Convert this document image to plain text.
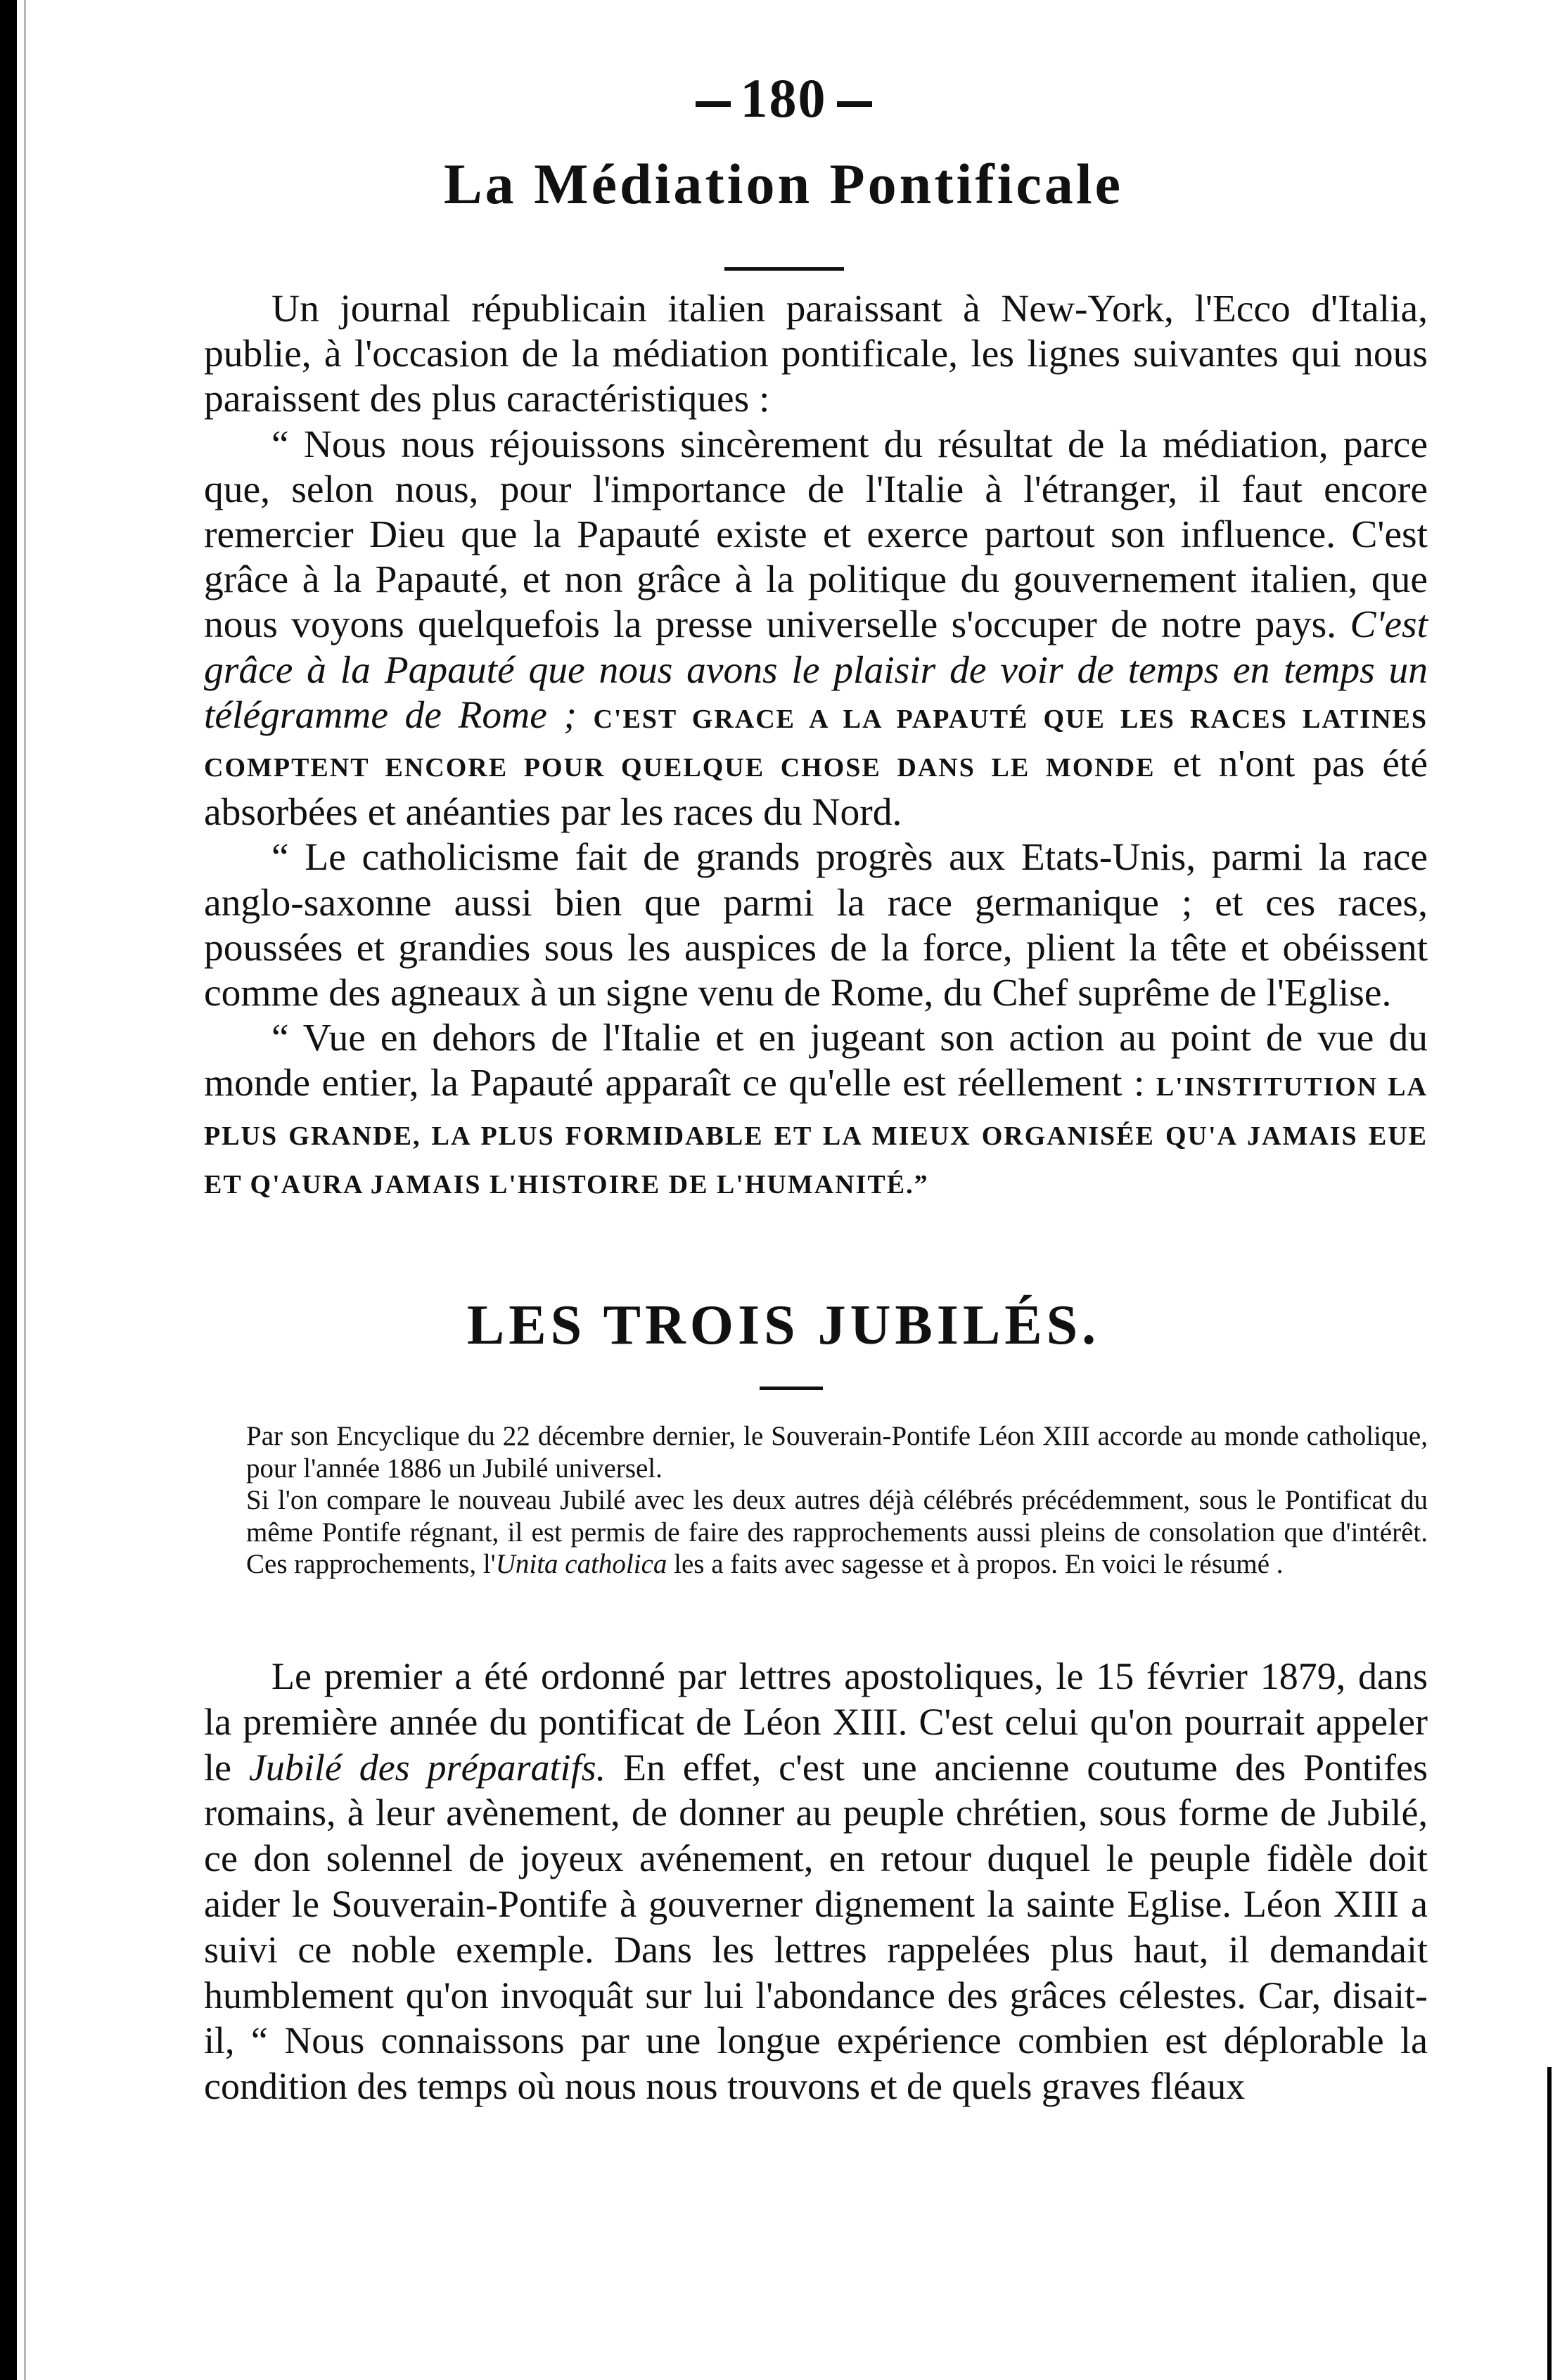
180
La Médiation Pontificale

Un journal républicain italien paraissant à New-York, l'Ecco d'Italia, publie, à l'occasion de la médiation pontificale, les lignes suivantes qui nous paraissent des plus caractéristiques :

“ Nous nous réjouissons sincèrement du résultat de la médiation, parce que, selon nous, pour l'importance de l'Italie à l'étranger, il faut encore remercier Dieu que la Papauté existe et exerce partout son influence. C'est grâce à la Papauté, et non grâce à la politique du gouvernement italien, que nous voyons quelquefois la presse universelle s'occuper de notre pays. C'est grâce à la Papauté que nous avons le plaisir de voir de temps en temps un télégramme de Rome ; C'EST GRACE A LA PAPAUTÉ QUE LES RACES LATINES COMPTENT ENCORE POUR QUELQUE CHOSE DANS LE MONDE et n'ont pas été absorbées et anéanties par les races du Nord.

“ Le catholicisme fait de grands progrès aux Etats-Unis, parmi la race anglo-saxonne aussi bien que parmi la race germanique ; et ces races, poussées et grandies sous les auspices de la force, plient la tête et obéissent comme des agneaux à un signe venu de Rome, du Chef suprême de l'Eglise.

“ Vue en dehors de l'Italie et en jugeant son action au point de vue du monde entier, la Papauté apparaît ce qu'elle est réellement : L'INSTITUTION LA PLUS GRANDE, LA PLUS FORMIDABLE ET LA MIEUX ORGANISÉE QU'A JAMAIS EUE ET Q'AURA JAMAIS L'HISTOIRE DE L'HUMANITÉ.”

LES TROIS JUBILÉS.
Par son Encyclique du 22 décembre dernier, le Souverain-Pontife Léon XIII accorde au monde catholique, pour l'année 1886 un Jubilé universel.
Si l'on compare le nouveau Jubilé avec les deux autres déjà célébrés précédemment, sous le Pontificat du même Pontife régnant, il est permis de faire des rapprochements aussi pleins de consolation que d'intérêt. Ces rapprochements, l'Unita catholica les a faits avec sagesse et à propos. En voici le résumé .

Le premier a été ordonné par lettres apostoliques, le 15 février 1879, dans la première année du pontificat de Léon XIII. C'est celui qu'on pourrait appeler le Jubilé des préparatifs. En effet, c'est une ancienne coutume des Pontifes romains, à leur avènement, de donner au peuple chrétien, sous forme de Jubilé, ce don solennel de joyeux avénement, en retour duquel le peuple fidèle doit aider le Souverain-Pontife à gouverner dignement la sainte Eglise. Léon XIII a suivi ce noble exemple. Dans les lettres rappelées plus haut, il demandait humblement qu'on invoquât sur lui l'abondance des grâces célestes. Car, disait-il, “ Nous connaissons par une longue expérience combien est déplorable la condition des temps où nous nous trouvons et de quels graves fléaux
